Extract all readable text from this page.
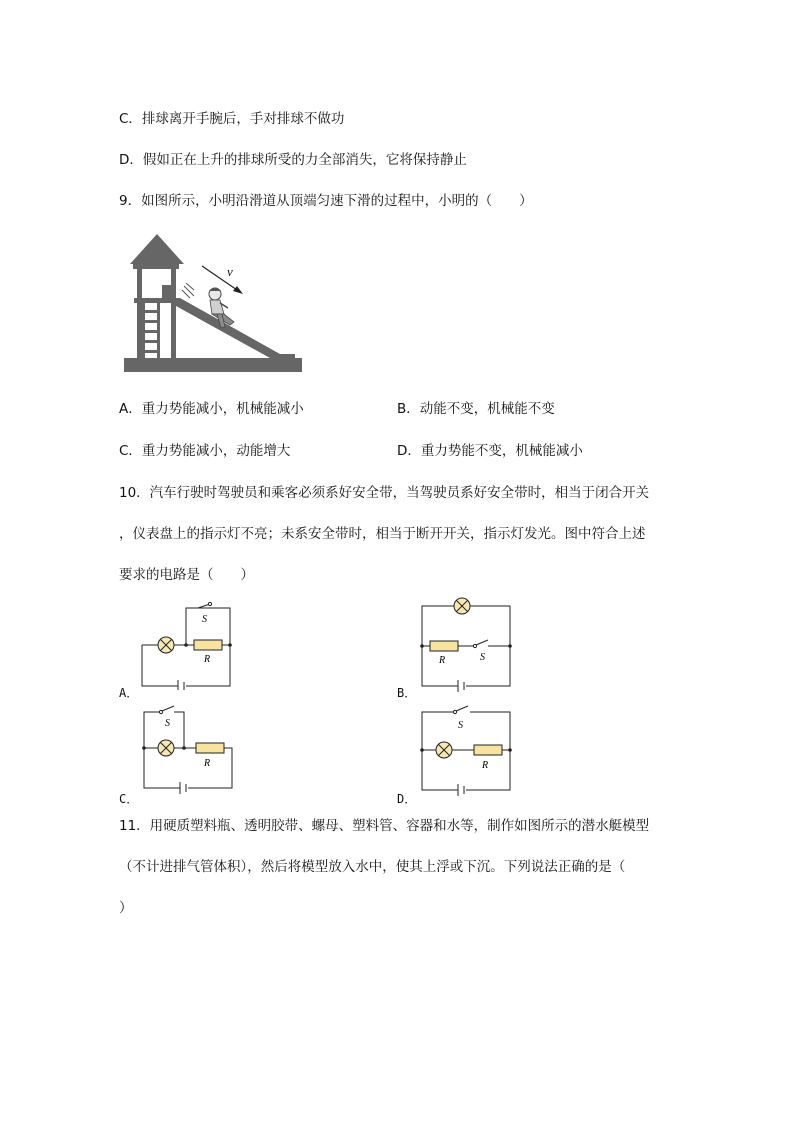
C．排球离开手腕后，手对排球不做功
D．假如正在上升的排球所受的力全部消失，它将保持静止
9．如图所示，小明沿滑道从顶端匀速下滑的过程中，小明的（　　）
v
A．重力势能减小，机械能减小	B．动能不变，机械能不变
C．重力势能减小，动能增大	D．重力势能不变，机械能减小
10．汽车行驶时驾驶员和乘客必须系好安全带，当驾驶员系好安全带时，相当于闭合开关
，仪表盘上的指示灯不亮；未系安全带时，相当于断开开关，指示灯发光。图中符合上述
要求的电路是（　　）
S
R
A．
R	S
B．
S
R
C．
S
R
D．
11．用硬质塑料瓶、透明胶带、螺母、塑料管、容器和水等，制作如图所示的潜水艇模型
（不计进排气管体积），然后将模型放入水中，使其上浮或下沉。下列说法正确的是（
）
